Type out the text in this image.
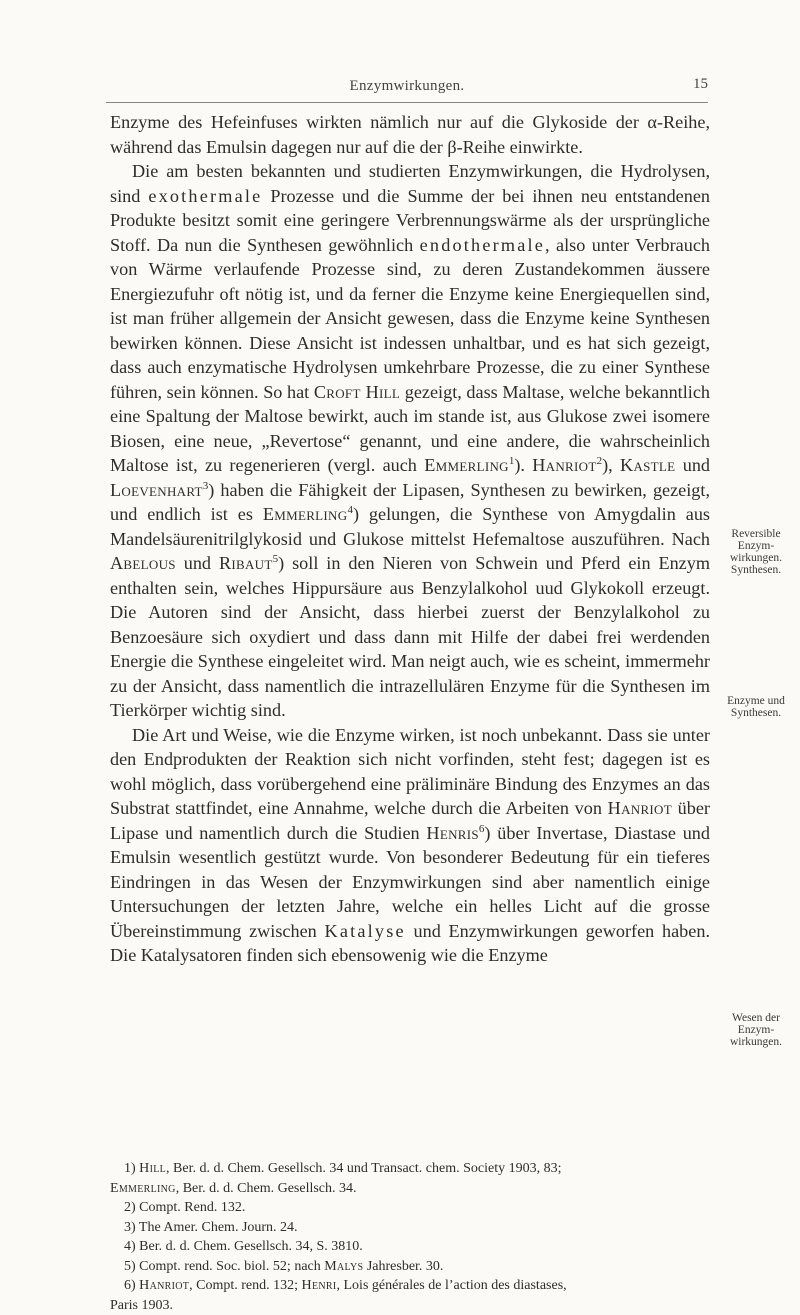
Enzymwirkungen.	15

Enzyme des Hefeinfuses wirkten nämlich nur auf die Glykoside der α-Reihe, während das Emulsin dagegen nur auf die der β-Reihe einwirkte.

Die am besten bekannten und studierten Enzymwirkungen, die Hydrolysen, sind exothermale Prozesse und die Summe der bei ihnen neu entstandenen Produkte besitzt somit eine geringere Verbrennungswärme als der ursprüngliche Stoff. Da nun die Synthesen gewöhnlich endothermale, also unter Verbrauch von Wärme verlaufende Prozesse sind, zu deren Zustandekommen äussere Energiezufuhr oft nötig ist, und da ferner die Enzyme keine Energiequellen sind, ist man früher allgemein der Ansicht gewesen, dass die Enzyme keine Synthesen bewirken können. Diese Ansicht ist indessen unhaltbar, und es hat sich gezeigt, dass auch enzymatische Hydrolysen umkehrbare Prozesse, die zu einer Synthese führen, sein können. So hat Croft Hill gezeigt, dass Maltase, welche bekanntlich eine Spaltung der Maltose bewirkt, auch im stande ist, aus Glukose zwei isomere Biosen, eine neue, „Revertose“ genannt, und eine andere, die wahrscheinlich Maltose ist, zu regenerieren (vergl. auch Emmerling$^1$). Hanriot$^2$), Kastle und Loevenhart$^3$) haben die Fähigkeit der Lipasen, Synthesen zu bewirken, gezeigt, und endlich ist es Emmerling$^4$) gelungen, die Synthese von Amygdalin aus Mandelsäurenitrilglykosid und Glukose mittelst Hefemaltose auszuführen. Nach Abelous und Ribaut$^5$) soll in den Nieren von Schwein und Pferd ein Enzym enthalten sein, welches Hippursäure aus Benzylalkohol uud Glykokoll erzeugt. Die Autoren sind der Ansicht, dass hierbei zuerst der Benzylalkohol zu Benzoesäure sich oxydiert und dass dann mit Hilfe der dabei frei werdenden Energie die Synthese eingeleitet wird. Man neigt auch, wie es scheint, immermehr zu der Ansicht, dass namentlich die intrazellulären Enzyme für die Synthesen im Tierkörper wichtig sind.

Die Art und Weise, wie die Enzyme wirken, ist noch unbekannt. Dass sie unter den Endprodukten der Reaktion sich nicht vorfinden, steht fest; dagegen ist es wohl möglich, dass vorübergehend eine präliminäre Bindung des Enzymes an das Substrat stattfindet, eine Annahme, welche durch die Arbeiten von Hanriot über Lipase und namentlich durch die Studien Henris$^6$) über Invertase, Diastase und Emulsin wesentlich gestützt wurde. Von besonderer Bedeutung für ein tieferes Eindringen in das Wesen der Enzymwirkungen sind aber namentlich einige Untersuchungen der letzten Jahre, welche ein helles Licht auf die grosse Übereinstimmung zwischen Katalyse und Enzymwirkungen geworfen haben. Die Katalysatoren finden sich ebensowenig wie die Enzyme

Reversible Enzym-wirkungen. Synthesen.
Enzyme und Synthesen.
Wesen der Enzym-wirkungen.
1) Hill, Ber. d. d. Chem. Gesellsch. 34 und Transact. chem. Society 1903, 83;
Emmerling, Ber. d. d. Chem. Gesellsch. 34.
2) Compt. Rend. 132.
3) The Amer. Chem. Journ. 24.
4) Ber. d. d. Chem. Gesellsch. 34, S. 3810.
5) Compt. rend. Soc. biol. 52; nach Malys Jahresber. 30.
6) Hanriot, Compt. rend. 132; Henri, Lois générales de l’action des diastases,
Paris 1903.
